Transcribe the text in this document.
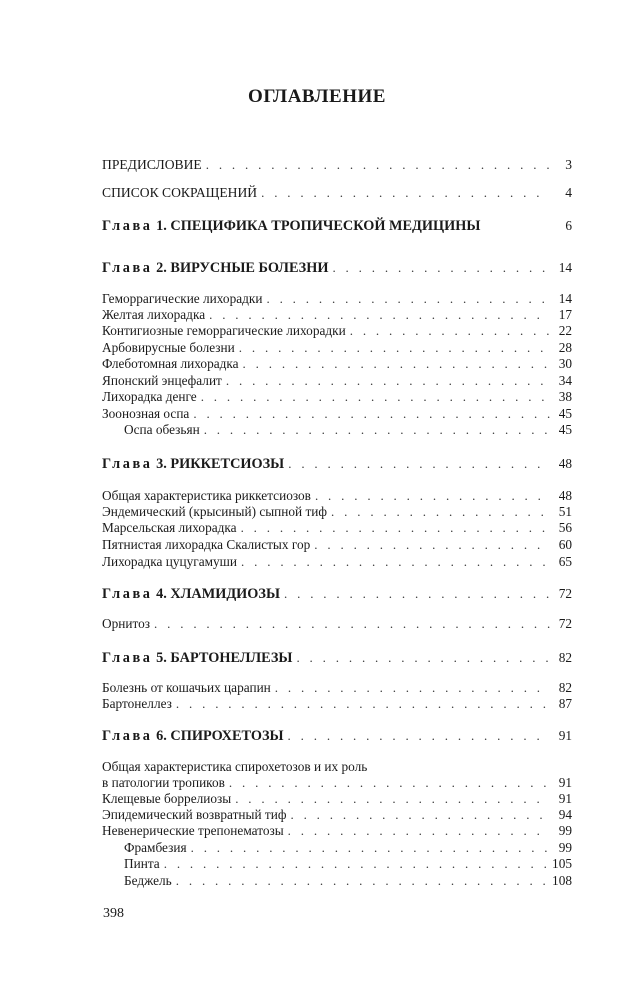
ОГЛАВЛЕНИЕ
ПРЕДИСЛОВИЕ . . .	3
СПИСОК СОКРАЩЕНИЙ . . .	4
Глава 1. СПЕЦИФИКА ТРОПИЧЕСКОЙ МЕДИЦИНЫ	6
Глава 2. ВИРУСНЫЕ БОЛЕЗНИ . . .	14
Геморрагические лихорадки . . .	14
Желтая лихорадка . . .	17
Контигиозные геморрагические лихорадки . . .	22
Арбовирусные болезни . . .	28
Флеботомная лихорадка . . .	30
Японский энцефалит . . .	34
Лихорадка денге . . .	38
Зоонозная оспа . . .	45
Оспа обезьян . . .	45
Глава 3. РИККЕТСИОЗЫ . . .	48
Общая характеристика риккетсиозов . . .	48
Эндемический (крысиный) сыпной тиф . . .	51
Марсельская лихорадка . . .	56
Пятнистая лихорадка Скалистых гор . . .	60
Лихорадка цуцугамуши . . .	65
Глава 4. ХЛАМИДИОЗЫ . . .	72
Орнитоз . . .	72
Глава 5. БАРТОНЕЛЛЕЗЫ . . .	82
Болезнь от кошачьих царапин . . .	82
Бартонеллез . . .	87
Глава 6. СПИРОХЕТОЗЫ . . .	91
Общая характеристика спирохетозов и их роль
в патологии тропиков . . .	91
Клещевые боррелиозы . . .	91
Эпидемический возвратный тиф . . .	94
Невенерические трепонематозы . . .	99
Фрамбезия . . .	99
Пинта . . .	105
Беджель . . .	108
398
